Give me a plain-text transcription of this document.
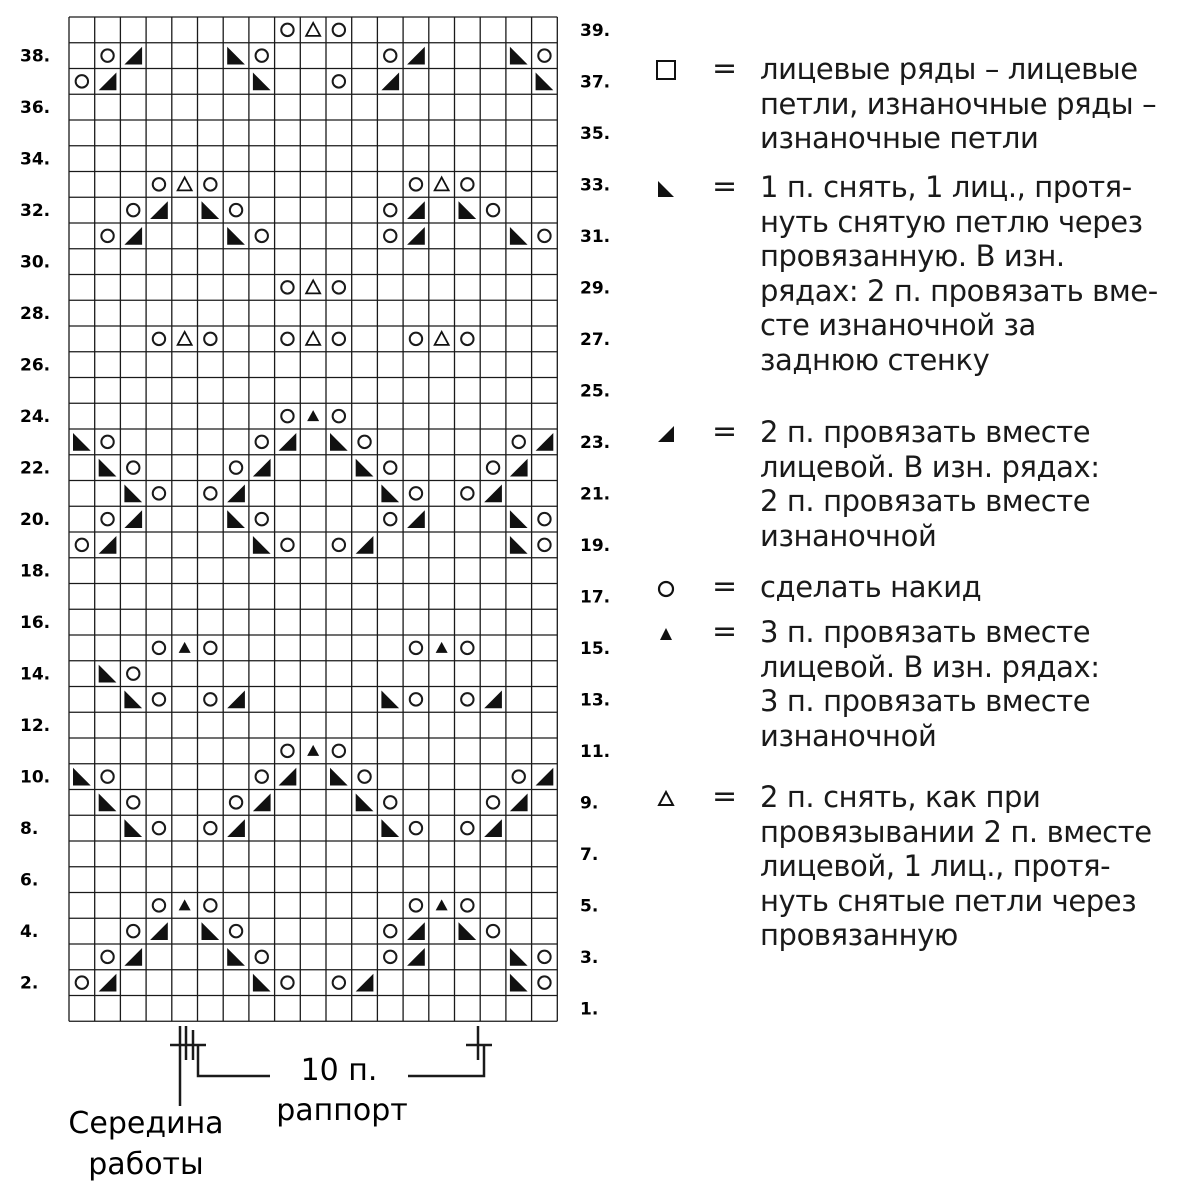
38.
36.
34.
32.
30.
28.
26.
24.
22.
20.
18.
16.
14.
12.
10.
8.
6.
4.
2.
39.
37.
35.
33.
31.
29.
27.
25.
23.
21.
19.
17.
15.
13.
11.
9.
7.
5.
3.
1.
10 п.
раппорт
Середина
работы
= лицевые ряды – лицевые
петли, изнаночные ряды –
изнаночные петли
= 1 п. снять, 1 лиц., протя-
нуть снятую петлю через
провязанную. В изн.
рядах: 2 п. провязать вме-
сте изнаночной за
заднюю стенку
= 2 п. провязать вместе
лицевой. В изн. рядах:
2 п. провязать вместе
изнаночной
= сделать накид
= 3 п. провязать вместе
лицевой. В изн. рядах:
3 п. провязать вместе
изнаночной
= 2 п. снять, как при
провязывании 2 п. вместе
лицевой, 1 лиц., протя-
нуть снятые петли через
провязанную
